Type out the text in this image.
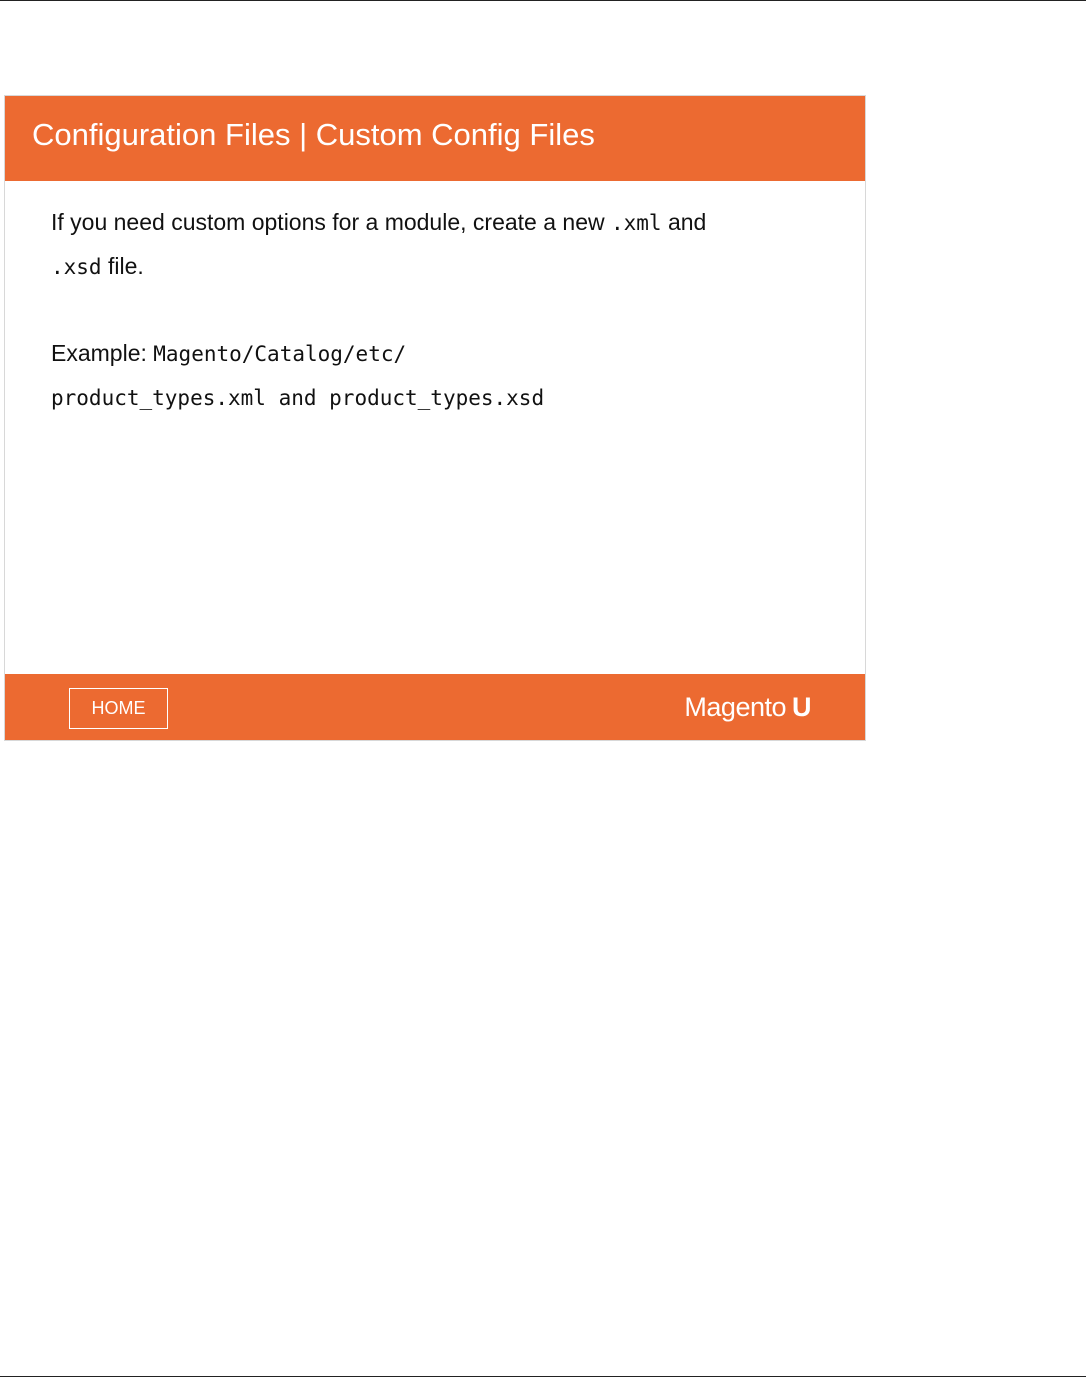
Configuration Files | Custom Config Files

If you need custom options for a module, create a new .xml and
.xsd file.

Example: Magento/Catalog/etc/
product_types.xml and product_types.xsd

HOME	Magento U
